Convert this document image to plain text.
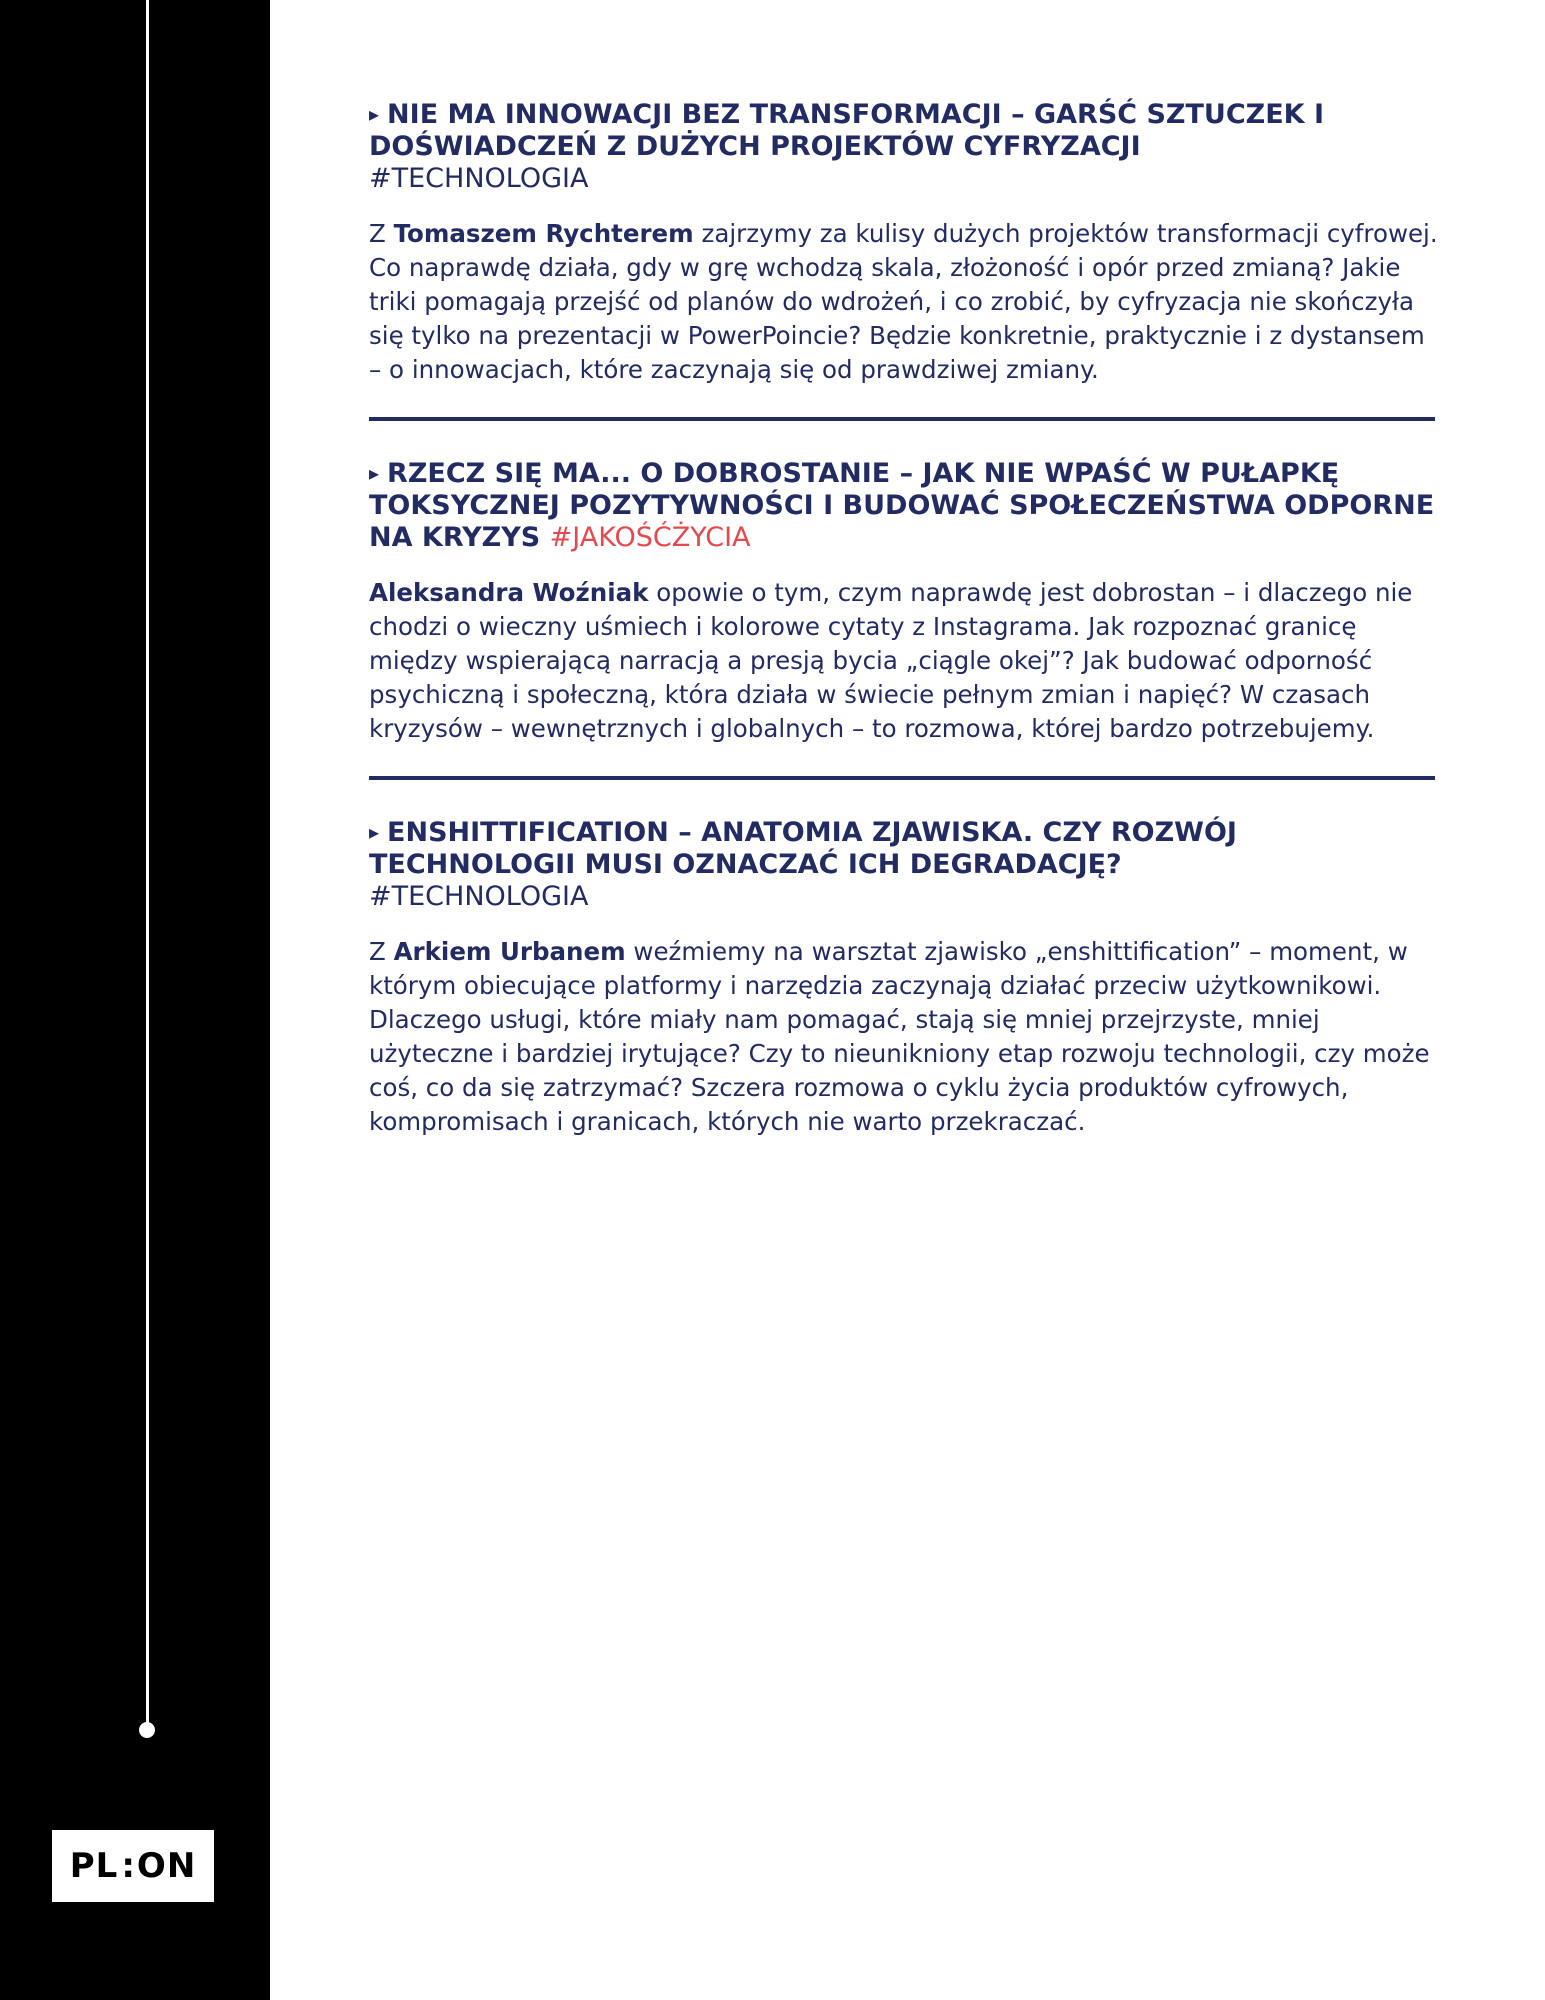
PL : ON
▸ NIE MA INNOWACJI BEZ TRANSFORMACJI – GARŚĆ SZTUCZEK I DOŚWIADCZEŃ Z DUŻYCH PROJEKTÓW CYFRYZACJI
#TECHNOLOGIA

Z Tomaszem Rychterem zajrzymy za kulisy dużych projektów transformacji cyfrowej. Co naprawdę działa, gdy w grę wchodzą skala, złożoność i opór przed zmianą? Jakie triki pomagają przejść od planów do wdrożeń, i co zrobić, by cyfryzacja nie skończyła się tylko na prezentacji w PowerPoincie? Będzie konkretnie, praktycznie i z dystansem – o innowacjach, które zaczynają się od prawdziwej zmiany.

▸ RZECZ SIĘ MA... O DOBROSTANIE – JAK NIE WPAŚĆ W PUŁAPKĘ TOKSYCZNEJ POZYTYWNOŚCI I BUDOWAĆ SPOŁECZEŃSTWA ODPORNE NA KRYZYS #JAKOŚĆŻYCIA

Aleksandra Woźniak opowie o tym, czym naprawdę jest dobrostan – i dlaczego nie chodzi o wieczny uśmiech i kolorowe cytaty z Instagrama. Jak rozpoznać granicę między wspierającą narracją a presją bycia „ciągle okej”? Jak budować odporność psychiczną i społeczną, która działa w świecie pełnym zmian i napięć? W czasach kryzysów – wewnętrznych i globalnych – to rozmowa, której bardzo potrzebujemy.

▸ ENSHITTIFICATION – ANATOMIA ZJAWISKA. CZY ROZWÓJ TECHNOLOGII MUSI OZNACZAĆ ICH DEGRADACJĘ?
#TECHNOLOGIA

Z Arkiem Urbanem weźmiemy na warsztat zjawisko „enshittification” – moment, w którym obiecujące platformy i narzędzia zaczynają działać przeciw użytkownikowi. Dlaczego usługi, które miały nam pomagać, stają się mniej przejrzyste, mniej użyteczne i bardziej irytujące? Czy to nieunikniony etap rozwoju technologii, czy może coś, co da się zatrzymać? Szczera rozmowa o cyklu życia produktów cyfrowych, kompromisach i granicach, których nie warto przekraczać.
